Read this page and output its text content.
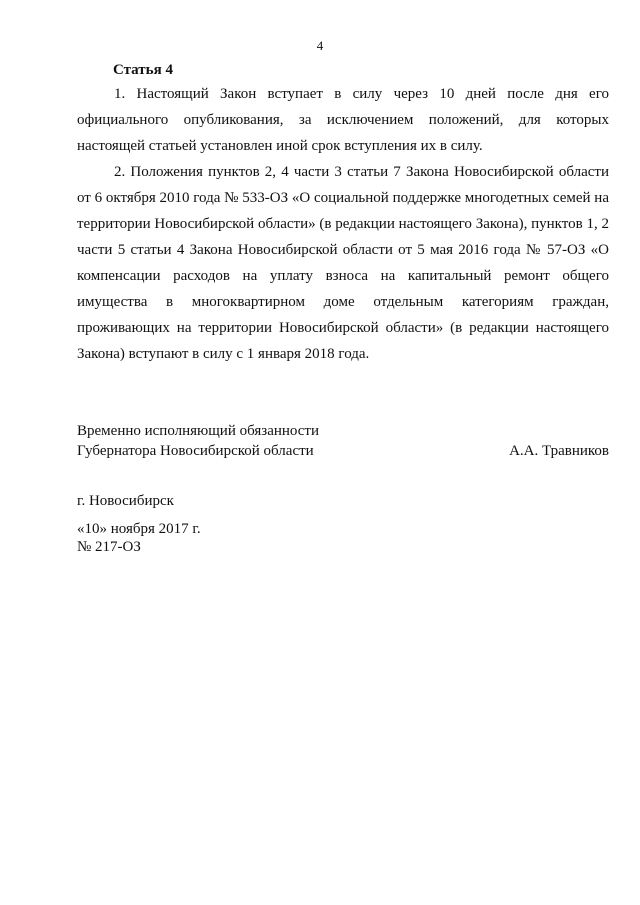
4
Статья 4

1. Настоящий Закон вступает в силу через 10 дней после дня его официального опубликования, за исключением положений, для которых настоящей статьей установлен иной срок вступления их в силу.

2. Положения пунктов 2, 4 части 3 статьи 7 Закона Новосибирской области от 6 октября 2010 года № 533-ОЗ «О социальной поддержке многодетных семей на территории Новосибирской области» (в редакции настоящего Закона), пунктов 1, 2 части 5 статьи 4 Закона Новосибирской области от 5 мая 2016 года № 57-ОЗ «О компенсации расходов на уплату взноса на капитальный ремонт общего имущества в многоквартирном доме отдельным категориям граждан, проживающих на территории Новосибирской области» (в редакции настоящего Закона) вступают в силу с 1 января 2018 года.

Временно исполняющий обязанности
Губернатора Новосибирской области	А.А. Травников
г. Новосибирск
«10» ноября 2017 г.
№ 217-ОЗ
